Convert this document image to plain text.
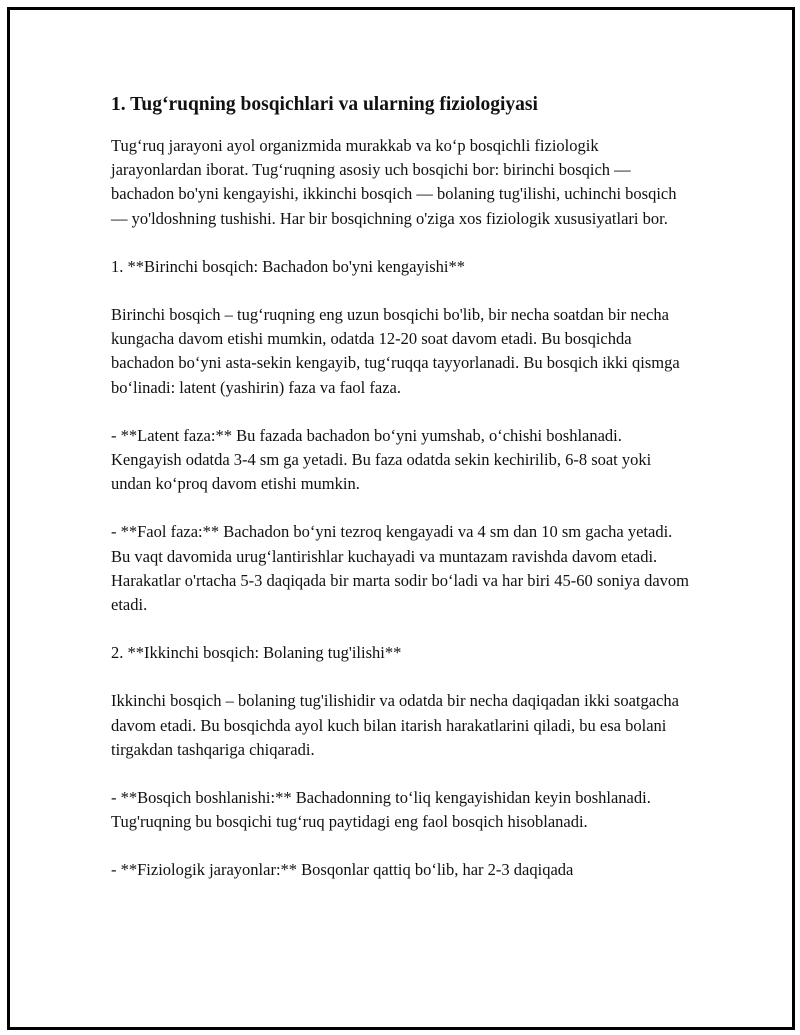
1. Tug‘ruqning bosqichlari va ularning fiziologiyasi

Tug‘ruq jarayoni ayol organizmida murakkab va ko‘p bosqichli fiziologik jarayonlardan iborat. Tug‘ruqning asosiy uch bosqichi bor: birinchi bosqich — bachadon bo'yni kengayishi, ikkinchi bosqich — bolaning tug'ilishi, uchinchi bosqich — yo'ldoshning tushishi. Har bir bosqichning o'ziga xos fiziologik xususiyatlari bor.

1. **Birinchi bosqich: Bachadon bo'yni kengayishi**

Birinchi bosqich – tug‘ruqning eng uzun bosqichi bo'lib, bir necha soatdan bir necha kungacha davom etishi mumkin, odatda 12-20 soat davom etadi. Bu bosqichda bachadon bo‘yni asta-sekin kengayib, tug‘ruqqa tayyorlanadi. Bu bosqich ikki qismga bo‘linadi: latent (yashirin) faza va faol faza.

- **Latent faza:** Bu fazada bachadon bo‘yni yumshab, o‘chishi boshlanadi. Kengayish odatda 3-4 sm ga yetadi. Bu faza odatda sekin kechirilib, 6-8 soat yoki undan ko‘proq davom etishi mumkin.

- **Faol faza:** Bachadon bo‘yni tezroq kengayadi va 4 sm dan 10 sm gacha yetadi. Bu vaqt davomida urug‘lantirishlar kuchayadi va muntazam ravishda davom etadi. Harakatlar o'rtacha 5-3 daqiqada bir marta sodir bo‘ladi va har biri 45-60 soniya davom etadi.

2. **Ikkinchi bosqich: Bolaning tug'ilishi**

Ikkinchi bosqich – bolaning tug'ilishidir va odatda bir necha daqiqadan ikki soatgacha davom etadi. Bu bosqichda ayol kuch bilan itarish harakatlarini qiladi, bu esa bolani tirgakdan tashqariga chiqaradi.

- **Bosqich boshlanishi:** Bachadonning to‘liq kengayishidan keyin boshlanadi. Tug'ruqning bu bosqichi tug‘ruq paytidagi eng faol bosqich hisoblanadi.

- **Fiziologik jarayonlar:** Bosqonlar qattiq bo‘lib, har 2-3 daqiqada
